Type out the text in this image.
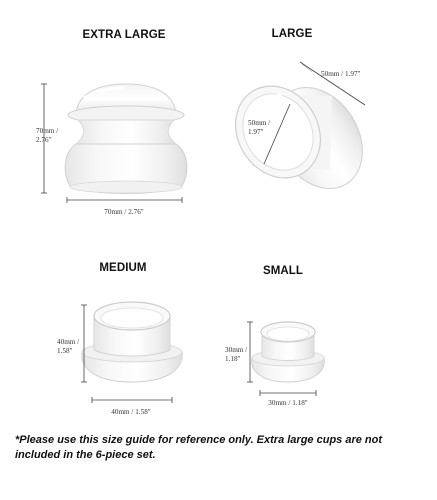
EXTRA LARGE
70mm /
2.76"
70mm / 2.76"
LARGE
50mm / 1.97"
50mm /
1.97"
MEDIUM
40mm /
1.58"
40mm / 1.58"
SMALL
30mm /
1.18"
30mm / 1.18"

*Please use this size guide for reference only. Extra large cups are not included in the 6-piece set.
